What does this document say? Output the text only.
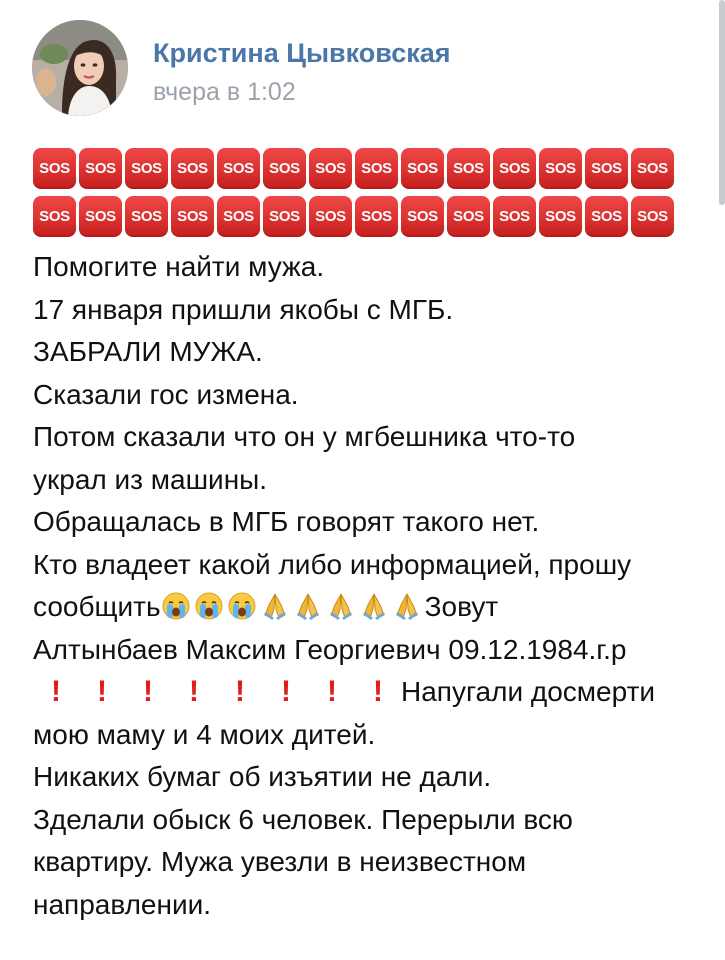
Кристина Цывковская
вчера в 1:02
SOS	SOS	SOS	SOS	SOS	SOS	SOS	SOS	SOS	SOS	SOS	SOS	SOS	SOS
SOS	SOS	SOS	SOS	SOS	SOS	SOS	SOS	SOS	SOS	SOS	SOS	SOS	SOS
Помогите найти мужа.
17 января пришли якобы с МГБ.
ЗАБРАЛИ МУЖА.
Сказали гос измена.
Потом сказали что он у мгбешника что-то
украл из машины.
Обращалась в МГБ говорят такого нет.
Кто владеет какой либо информацией, прошу
сообщить	Зовут
Алтынбаев Максим Георгиевич 09.12.1984.г.р
! ! ! ! ! ! ! ! Напугали досмерти
мою маму и 4 моих дитей.
Никаких бумаг об изъятии не дали.
Зделали обыск 6 человек. Перерыли всю
квартиру. Мужа увезли в неизвестном
направлении.
